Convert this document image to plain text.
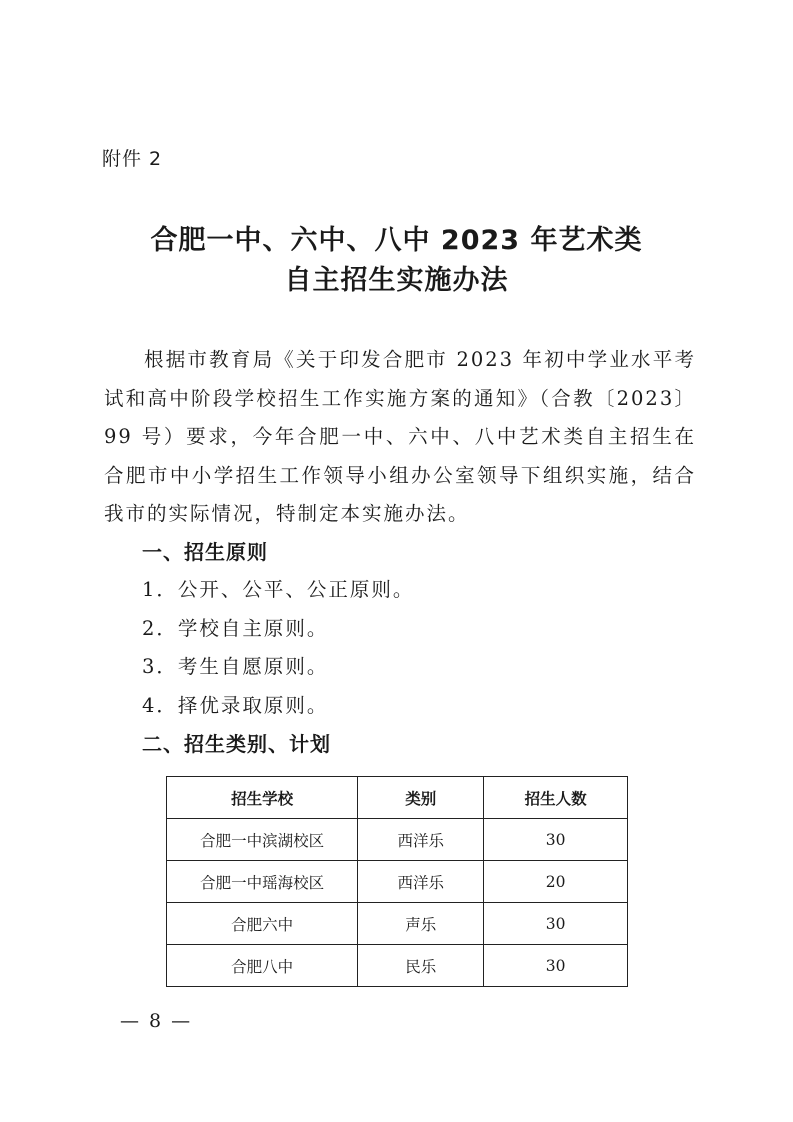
附件 2
合肥一中、六中、八中 2023 年艺术类
自主招生实施办法
根据市教育局《关于印发合肥市 2023 年初中学业水平考试和高中阶段学校招生工作实施方案的通知》（合教〔2023〕99 号）要求，今年合肥一中、六中、八中艺术类自主招生在合肥市中小学招生工作领导小组办公室领导下组织实施，结合我市的实际情况，特制定本实施办法。
一、招生原则
1．公开、公平、公正原则。
2．学校自主原则。
3．考生自愿原则。
4．择优录取原则。
二、招生类别、计划
招生学校	类别	招生人数
合肥一中滨湖校区	西洋乐	30
合肥一中瑶海校区	西洋乐	20
合肥六中	声乐	30
合肥八中	民乐	30
— 8 —
